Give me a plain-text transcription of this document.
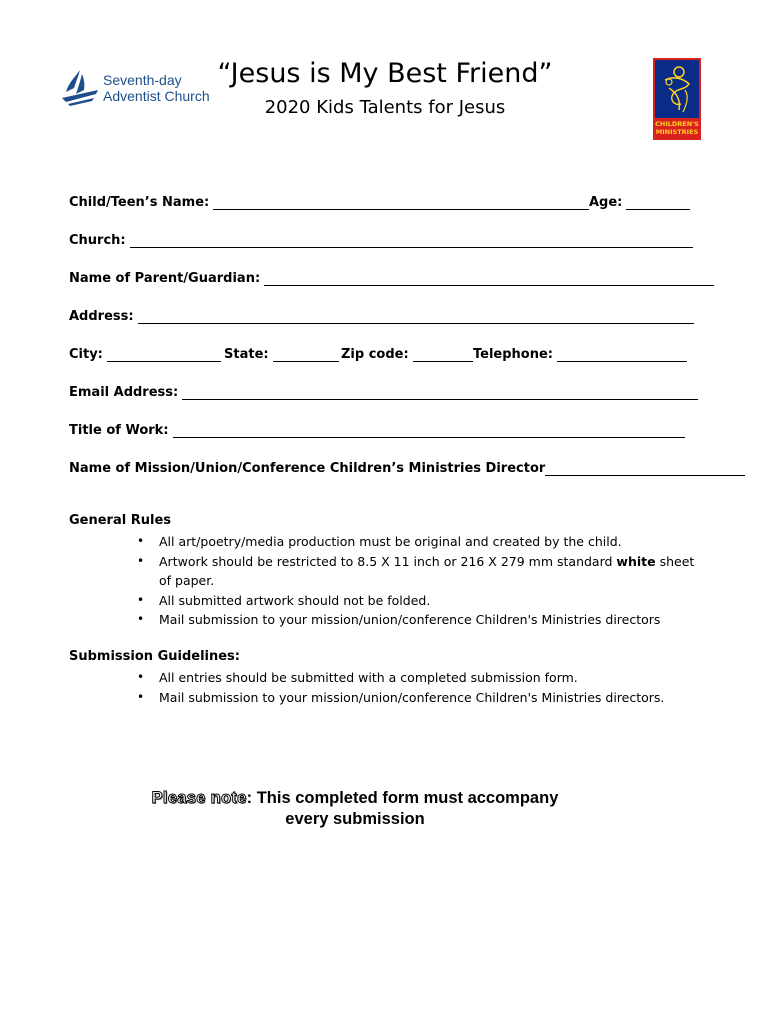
Seventh-day
Adventist Church
“Jesus is My Best Friend”
2020 Kids Talents for Jesus
CHILDREN'S
MINISTRIES
Child/Teen’s Name:	Age:
Church:
Name of Parent/Guardian:
Address:
City:	State:	Zip code:	Telephone:
Email Address:
Title of Work:
Name of Mission/Union/Conference Children’s Ministries Director
General Rules
• All art/poetry/media production must be original and created by the child.
• Artwork should be restricted to 8.5 X 11 inch or 216 X 279 mm standard white sheet of paper.
• All submitted artwork should not be folded.
• Mail submission to your mission/union/conference Children's Ministries directors
Submission Guidelines:
• All entries should be submitted with a completed submission form.
• Mail submission to your mission/union/conference Children's Ministries directors.
Please note: This completed form must accompany
every submission
